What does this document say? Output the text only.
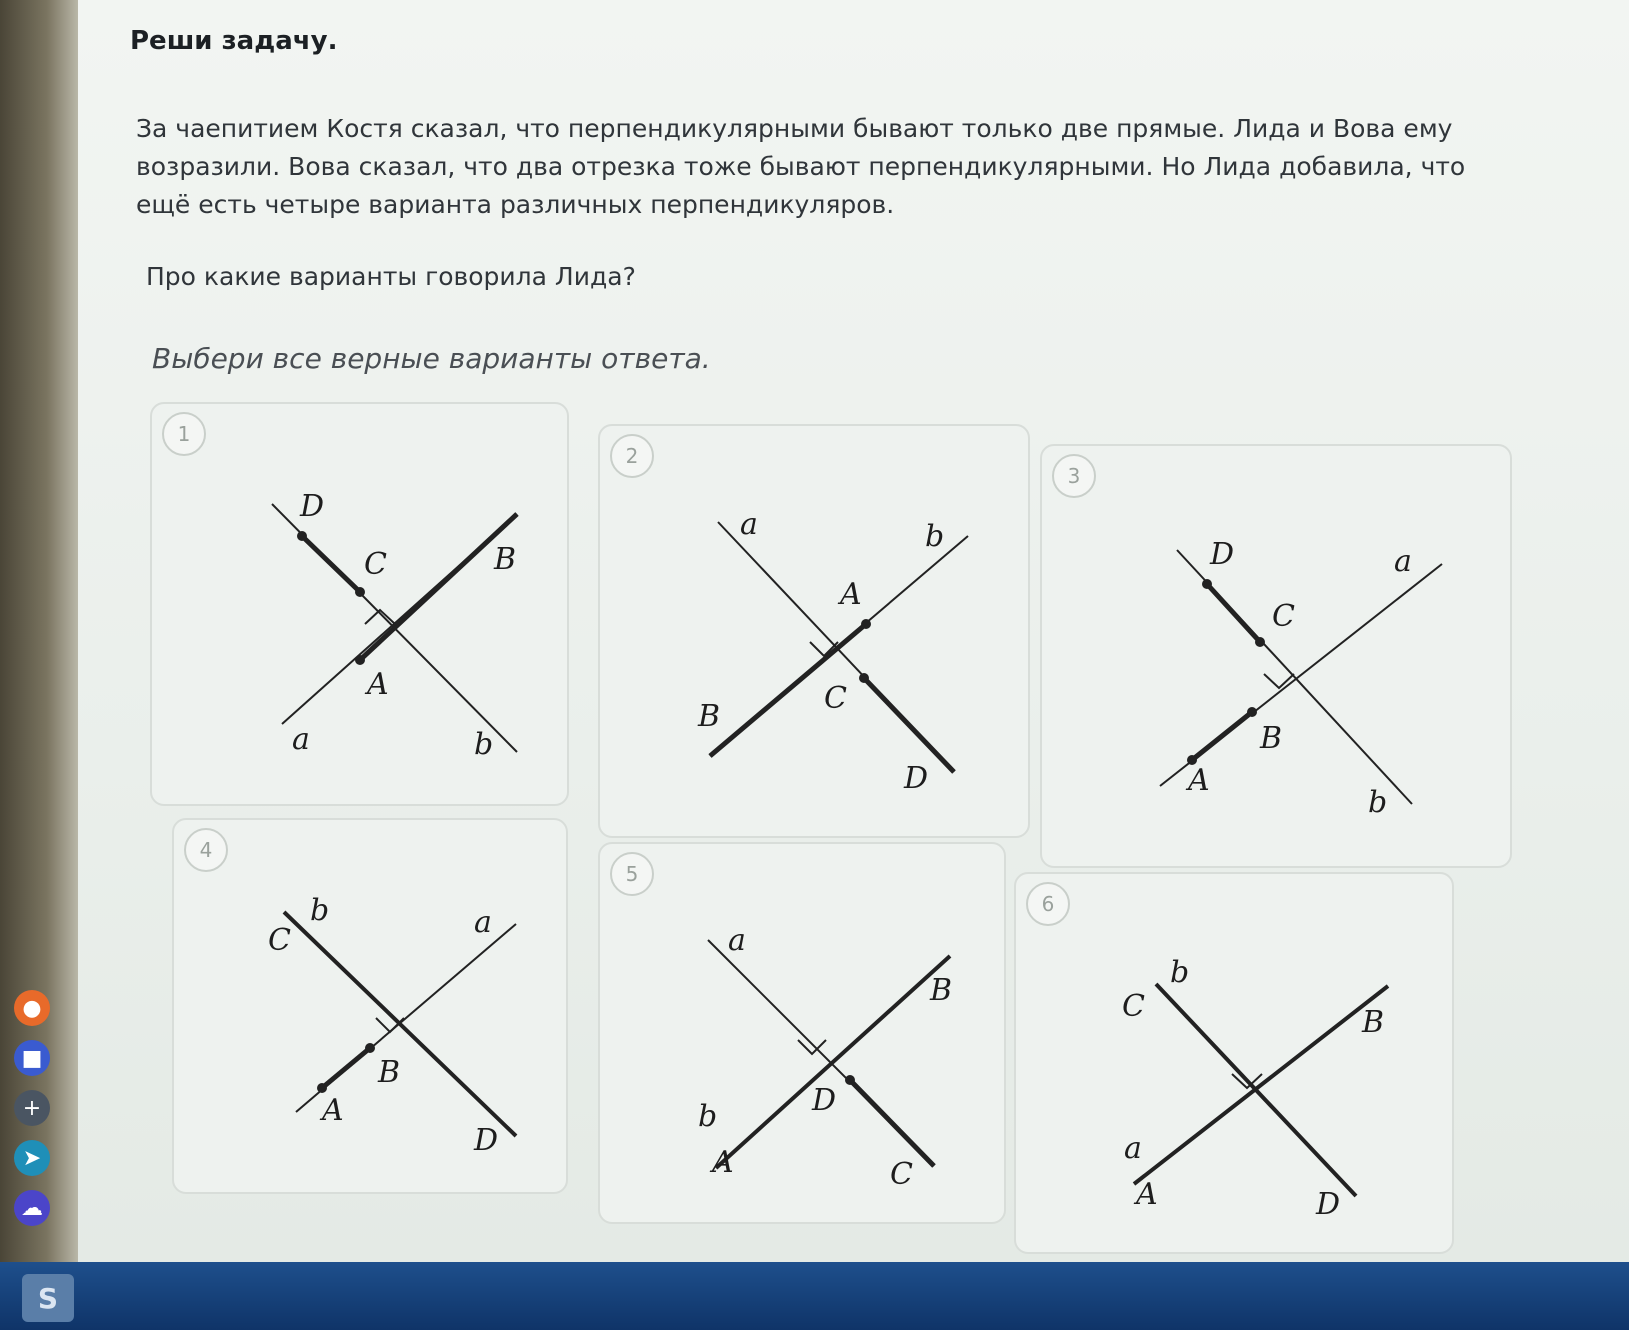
●
■
+
➤
☁
Реши задачу.
За чаепитием Костя сказал, что перпендикулярными бывают только две прямые. Лида и Вова ему возразили. Вова сказал, что два отрезка тоже бывают перпендикулярными. Но Лида добавила, что ещё есть четыре варианта различных перпендикуляров.
Про какие варианты говорила Лида?
Выбери все верные варианты ответа.
1
D
C	B
A
a	b
2
a	b
A
B
C
D
3
D	a
C
B
A
b
4
b
C
a
B
A
D
5
a
B
D
b
A	C
6
b
C	B
a
A	D
S
